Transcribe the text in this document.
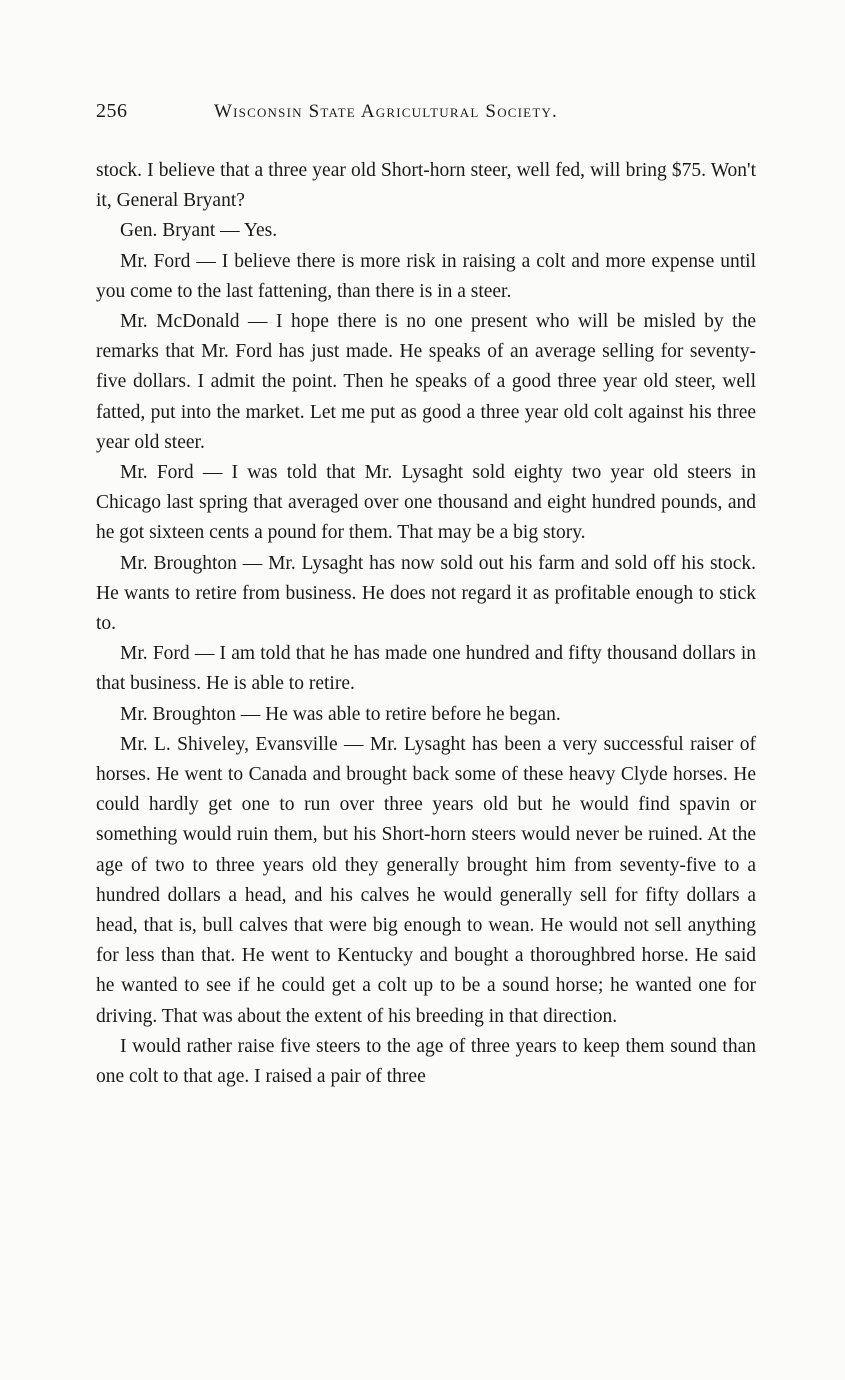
256	Wisconsin State Agricultural Society.

stock. I believe that a three year old Short-horn steer, well fed, will bring $75. Won't it, General Bryant?

Gen. Bryant — Yes.

Mr. Ford — I believe there is more risk in raising a colt and more expense until you come to the last fattening, than there is in a steer.

Mr. McDonald — I hope there is no one present who will be misled by the remarks that Mr. Ford has just made. He speaks of an average selling for seventy-five dollars. I admit the point. Then he speaks of a good three year old steer, well fatted, put into the market. Let me put as good a three year old colt against his three year old steer.

Mr. Ford — I was told that Mr. Lysaght sold eighty two year old steers in Chicago last spring that averaged over one thousand and eight hundred pounds, and he got sixteen cents a pound for them. That may be a big story.

Mr. Broughton — Mr. Lysaght has now sold out his farm and sold off his stock. He wants to retire from business. He does not regard it as profitable enough to stick to.

Mr. Ford — I am told that he has made one hundred and fifty thousand dollars in that business. He is able to retire.

Mr. Broughton — He was able to retire before he began.

Mr. L. Shiveley, Evansville — Mr. Lysaght has been a very successful raiser of horses. He went to Canada and brought back some of these heavy Clyde horses. He could hardly get one to run over three years old but he would find spavin or something would ruin them, but his Short-horn steers would never be ruined. At the age of two to three years old they generally brought him from seventy-five to a hundred dollars a head, and his calves he would generally sell for fifty dollars a head, that is, bull calves that were big enough to wean. He would not sell anything for less than that. He went to Kentucky and bought a thoroughbred horse. He said he wanted to see if he could get a colt up to be a sound horse; he wanted one for driving. That was about the extent of his breeding in that direction.

I would rather raise five steers to the age of three years to keep them sound than one colt to that age. I raised a pair of three
